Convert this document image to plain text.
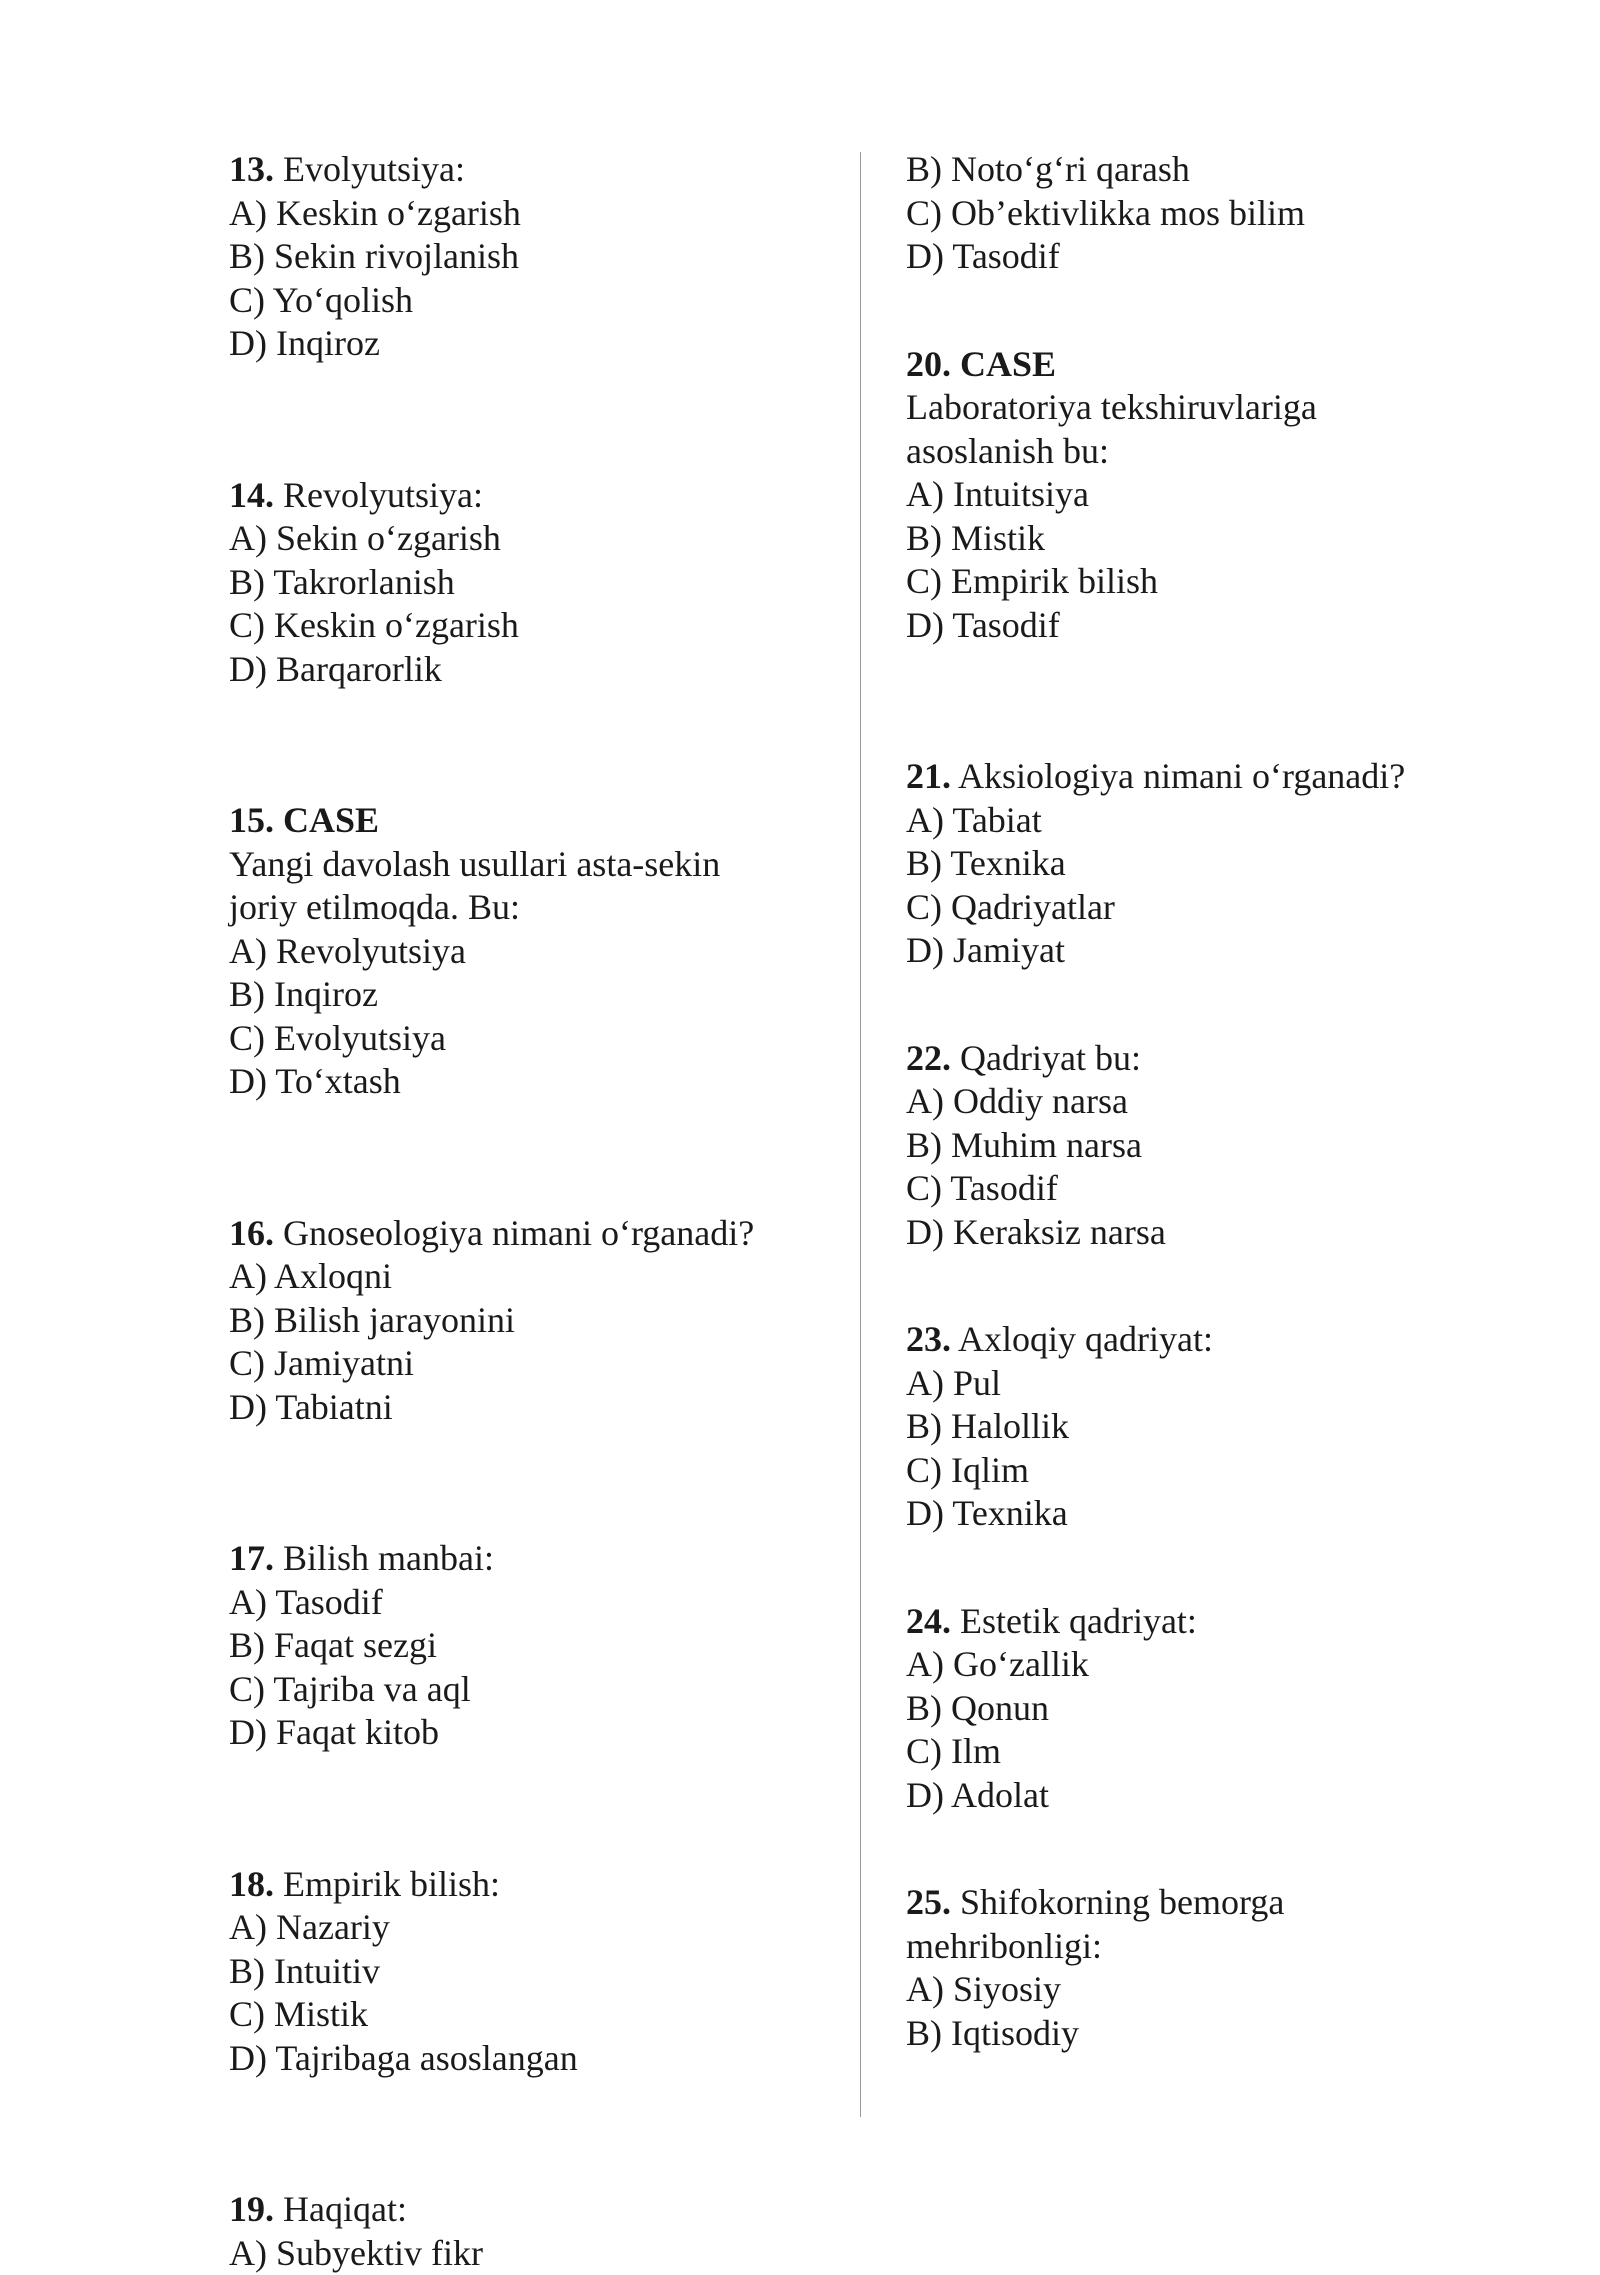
13. Evolyutsiya:
A) Keskin o‘zgarish
B) Sekin rivojlanish
C) Yo‘qolish
D) Inqiroz
14. Revolyutsiya:
A) Sekin o‘zgarish
B) Takrorlanish
C) Keskin o‘zgarish
D) Barqarorlik
15. CASE
Yangi davolash usullari asta-sekin
joriy etilmoqda. Bu:
A) Revolyutsiya
B) Inqiroz
C) Evolyutsiya
D) To‘xtash
16. Gnoseologiya nimani o‘rganadi?
A) Axloqni
B) Bilish jarayonini
C) Jamiyatni
D) Tabiatni
17. Bilish manbai:
A) Tasodif
B) Faqat sezgi
C) Tajriba va aql
D) Faqat kitob
18. Empirik bilish:
A) Nazariy
B) Intuitiv
C) Mistik
D) Tajribaga asoslangan
19. Haqiqat:
A) Subyektiv fikr
B) Noto‘g‘ri qarash
C) Ob’ektivlikka mos bilim
D) Tasodif
20. CASE
Laboratoriya tekshiruvlariga
asoslanish bu:
A) Intuitsiya
B) Mistik
C) Empirik bilish
D) Tasodif
21. Aksiologiya nimani o‘rganadi?
A) Tabiat
B) Texnika
C) Qadriyatlar
D) Jamiyat
22. Qadriyat bu:
A) Oddiy narsa
B) Muhim narsa
C) Tasodif
D) Keraksiz narsa
23. Axloqiy qadriyat:
A) Pul
B) Halollik
C) Iqlim
D) Texnika
24. Estetik qadriyat:
A) Go‘zallik
B) Qonun
C) Ilm
D) Adolat
25. Shifokorning bemorga
mehribonligi:
A) Siyosiy
B) Iqtisodiy
